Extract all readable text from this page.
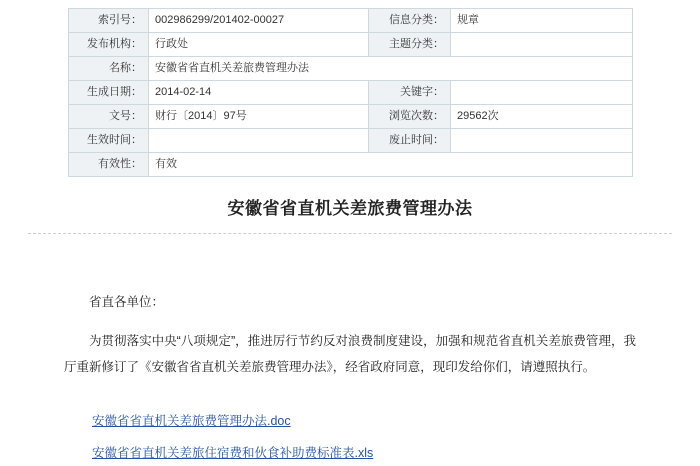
索引号：	002986299/201402-00027	信息分类：	规章
发布机构：	行政处	主题分类：	
名称：	安徽省省直机关差旅费管理办法		
生成日期：	2014-02-14	关键字：	
文号：	财行〔2014〕97号	浏览次数：	29562次
生效时间：		废止时间：	
有效性：	有效		
安徽省省直机关差旅费管理办法
省直各单位：
为贯彻落实中央“八项规定”，推进厉行节约反对浪费制度建设，加强和规范省直机关差旅费管理，我厅重新修订了《安徽省省直机关差旅费管理办法》，经省政府同意，现印发给你们，请遵照执行。
安徽省省直机关差旅费管理办法.doc
安徽省省直机关差旅住宿费和伙食补助费标准表.xls
